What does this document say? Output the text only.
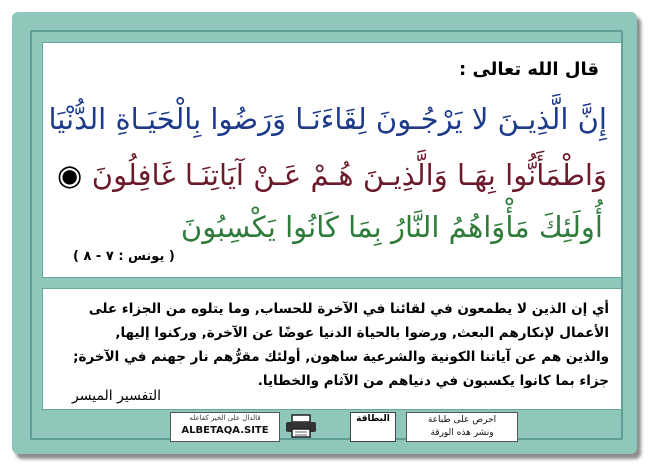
قال الله تعالى :

إِنَّ الَّذِيـنَ لا يَرْجُـونَ لِقَاءَنَـا وَرَضُوا بِالْحَيَـاةِ الدُّنْيَا

وَاطْمَأَنُّوا بِهَـا وَالَّذِيـنَ هُـمْ عَـنْ آيَاتِنَـا غَافِلُونَ ◉

أُولَئِكَ مَأْوَاهُمُ النَّارُ بِمَا كَانُوا يَكْسِبُونَ

( يونس : ٧ - ٨ )

أي إن الذين لا يطمعون في لقائنا في الآخرة للحساب, وما يتلوه من الجزاء على
الأعمال لإنكارهم البعث, ورضوا بالحياة الدنيا عوضًا عن الآخرة, وركنوا إليها,
والذين هم عن آياتنا الكونية والشرعية ساهون, أولئك مقرُّهم نار جهنم في الآخرة;
جزاء بما كانوا يكسبون في دنياهم من الآثام والخطايا.

التفسير الميسر

قالدال على الخير كفاعله
ALBETAQA.SITE
البطاقة	احرص على طباعة
ونشر هذه الورقة
